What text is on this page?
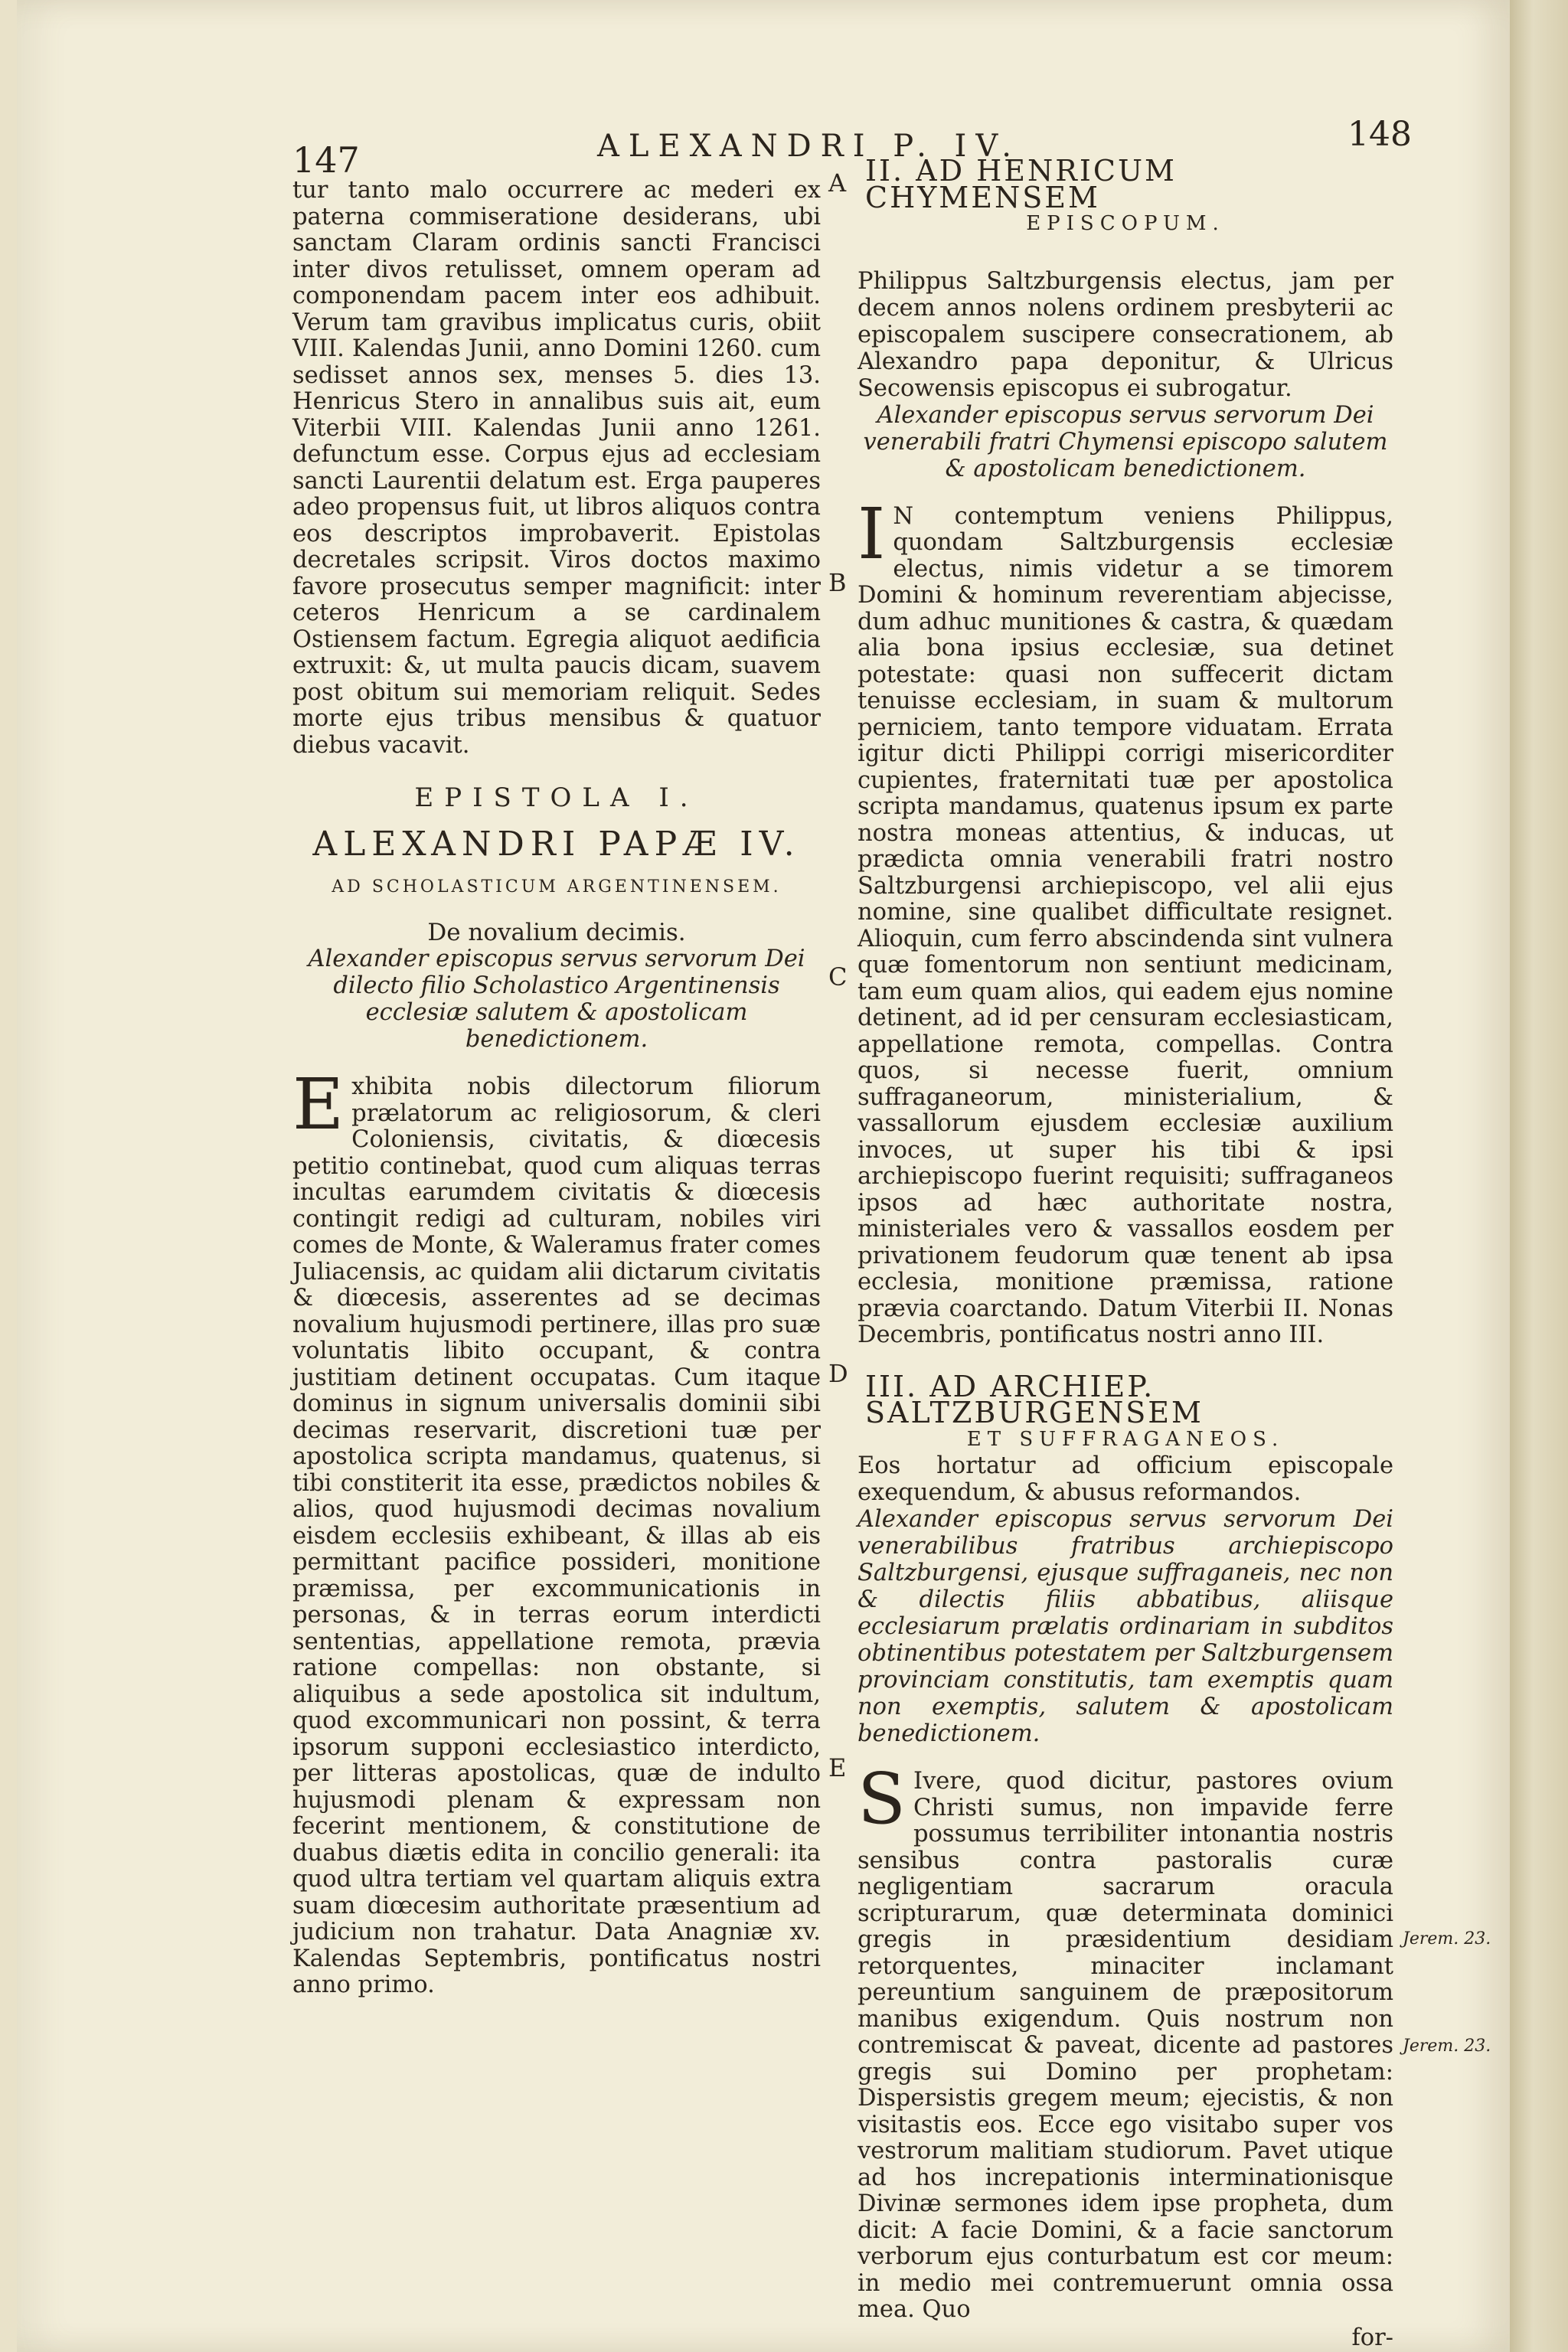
147	ALEXANDRI P. IV.	148

tur tanto malo occurrere ac mederi ex paterna commiseratione desiderans, ubi sanctam Claram ordinis sancti Francisci inter divos retulisset, omnem operam ad componendam pacem inter eos adhibuit. Verum tam gravibus implicatus curis, obiit VIII. Kalendas Junii, anno Domini 1260. cum sedisset annos sex, menses 5. dies 13. Henricus Stero in annalibus suis ait, eum Viterbii VIII. Kalendas Junii anno 1261. defunctum esse. Corpus ejus ad ecclesiam sancti Laurentii delatum est. Erga pauperes adeo propensus fuit, ut libros aliquos contra eos descriptos improbaverit. Epistolas decretales scripsit. Viros doctos maximo favore prosecutus semper magnificit: inter ceteros Henricum a se cardinalem Ostiensem factum. Egregia aliquot aedificia extruxit: &, ut multa paucis dicam, suavem post obitum sui memoriam reliquit. Sedes morte ejus tribus mensibus & quatuor diebus vacavit.

EPISTOLA I.
ALEXANDRI PAPÆ IV.
AD SCHOLASTICUM ARGENTINENSEM.
De novalium decimis.

Alexander episcopus servus servorum Dei dilecto filio Scholastico Argentinensis ecclesiæ salutem & apostolicam benedictionem.

E xhibita nobis dilectorum filiorum prælatorum ac religiosorum, & cleri Coloniensis, civitatis, & diœcesis petitio continebat, quod cum aliquas terras incultas earumdem civitatis & diœcesis contingit redigi ad culturam, nobiles viri comes de Monte, & Waleramus frater comes Juliacensis, ac quidam alii dictarum civitatis & diœcesis, asserentes ad se decimas novalium hujusmodi pertinere, illas pro suæ voluntatis libito occupant, & contra justitiam detinent occupatas. Cum itaque dominus in signum universalis dominii sibi decimas reservarit, discretioni tuæ per apostolica scripta mandamus, quatenus, si tibi constiterit ita esse, prædictos nobiles & alios, quod hujusmodi decimas novalium eisdem ecclesiis exhibeant, & illas ab eis permittant pacifice possideri, monitione præmissa, per excommunicationis in personas, & in terras eorum interdicti sententias, appellatione remota, prævia ratione compellas: non obstante, si aliquibus a sede apostolica sit indultum, quod excommunicari non possint, & terra ipsorum supponi ecclesiastico interdicto, per litteras apostolicas, quæ de indulto hujusmodi plenam & expressam non fecerint mentionem, & constitutione de duabus diætis edita in concilio generali: ita quod ultra tertiam vel quartam aliquis extra suam diœcesim authoritate præsentium ad judicium non trahatur. Data Anagniæ xv. Kalendas Septembris, pontificatus nostri anno primo.

A
B
C
D
E
II. AD HENRICUM CHYMENSEM
EPISCOPUM.

Philippus Saltzburgensis electus, jam per decem annos nolens ordinem presbyterii ac episcopalem suscipere consecrationem, ab Alexandro papa deponitur, & Ulricus Secowensis episcopus ei subrogatur.

Alexander episcopus servus servorum Dei venerabili fratri Chymensi episcopo salutem & apostolicam benedictionem.

I N contemptum veniens Philippus, quondam Saltzburgensis ecclesiæ electus, nimis videtur a se timorem Domini & hominum reverentiam abjecisse, dum adhuc munitiones & castra, & quædam alia bona ipsius ecclesiæ, sua detinet potestate: quasi non suffecerit dictam tenuisse ecclesiam, in suam & multorum perniciem, tanto tempore viduatam. Errata igitur dicti Philippi corrigi misericorditer cupientes, fraternitati tuæ per apostolica scripta mandamus, quatenus ipsum ex parte nostra moneas attentius, & inducas, ut prædicta omnia venerabili fratri nostro Saltzburgensi archiepiscopo, vel alii ejus nomine, sine qualibet difficultate resignet. Alioquin, cum ferro abscindenda sint vulnera quæ fomentorum non sentiunt medicinam, tam eum quam alios, qui eadem ejus nomine detinent, ad id per censuram ecclesiasticam, appellatione remota, compellas. Contra quos, si necesse fuerit, omnium suffraganeorum, ministerialium, & vassallorum ejusdem ecclesiæ auxilium invoces, ut super his tibi & ipsi archiepiscopo fuerint requisiti; suffraganeos ipsos ad hæc authoritate nostra, ministeriales vero & vassallos eosdem per privationem feudorum quæ tenent ab ipsa ecclesia, monitione præmissa, ratione prævia coarctando. Datum Viterbii II. Nonas Decembris, pontificatus nostri anno III.

III. AD ARCHIEP. SALTZBURGENSEM
ET SUFFRAGANEOS.

Eos hortatur ad officium episcopale exequendum, & abusus reformandos.

Alexander episcopus servus servorum Dei venerabilibus fratribus archiepiscopo Saltzburgensi, ejusque suffraganeis, nec non & dilectis filiis abbatibus, aliisque ecclesiarum prælatis ordinariam in subditos obtinentibus potestatem per Saltzburgensem provinciam constitutis, tam exemptis quam non exemptis, salutem & apostolicam benedictionem.

S Ivere, quod dicitur, pastores ovium Christi sumus, non impavide ferre possumus terribiliter intonantia nostris sensibus contra pastoralis curæ negligentiam sacrarum oracula scripturarum, quæ determinata dominici gregis in præsidentium desidiam retorquentes, minaciter inclamant pereuntium sanguinem de præpositorum manibus exigendum. Quis nostrum non contremiscat & paveat, dicente ad pastores gregis sui Domino per prophetam: Dispersistis gregem meum; ejecistis, & non visitastis eos. Ecce ego visitabo super vos vestrorum malitiam studiorum. Pavet utique ad hos increpationis interminationisque Divinæ sermones idem ipse propheta, dum dicit: A facie Domini, & a facie sanctorum verborum ejus conturbatum est cor meum: in medio mei contremuerunt omnia ossa mea. Quo

for-
Jerem. 23.
Jerem. 23.
